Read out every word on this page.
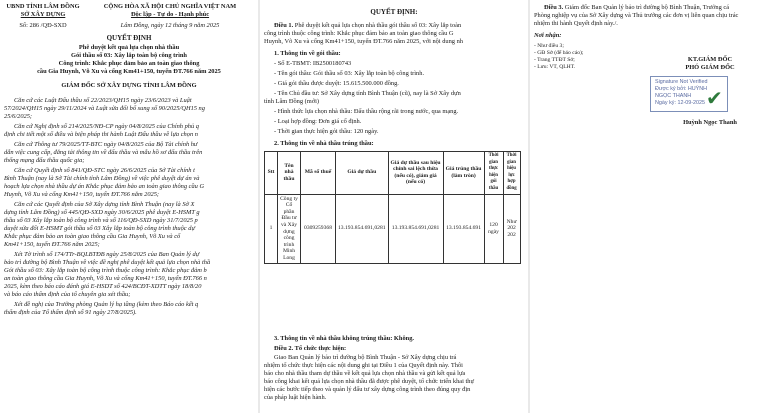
UBND TỈNH LÂM ĐỒNG
SỞ XÂY DỰNG
Số: 286 /QĐ-SXD
CỘNG HÒA XÃ HỘI CHỦ NGHĨA VIỆT NAM
Độc lập - Tự do - Hạnh phúc
Lâm Đồng, ngày 12 tháng 9 năm 2025
QUYẾT ĐỊNH
Phê duyệt kết quả lựa chọn nhà thầu
Gói thầu số 03: Xây lắp toàn bộ công trình
Công trình: Khắc phục đảm bảo an toàn giao thông
cầu Gia Huynh, Võ Xu và cống Km41+150, tuyến ĐT.766 năm 2025
GIÁM ĐỐC SỞ XÂY DỰNG TỈNH LÂM ĐỒNG
Căn cứ các Luật Đấu thầu số 22/2023/QH15 ngày 23/6/2023 và Luật
57/2024/QH15 ngày 29/11/2024 và Luật sửa đổi bổ sung số 90/2025/QH15 ng
25/6/2025;
Căn cứ Nghị định số 214/2025/NĐ-CP ngày 04/8/2025 của Chính phủ q
định chi tiết một số điều và biện pháp thi hành Luật Đấu thầu về lựa chọn n
Căn cứ Thông tư 79/2025/TT-BTC ngày 04/8/2025 của Bộ Tài chính hư
dẫn việc cung cấp, đăng tải thông tin về đấu thầu và mẫu hồ sơ đấu thầu trên
thống mạng đấu thầu quốc gia;
Căn cứ Quyết định số 841/QĐ-STC ngày 26/6/2025 của Sở Tài chính t
Bình Thuận (nay là Sở Tài chính tỉnh Lâm Đồng) về việc phê duyệt dự án và
hoạch lựa chọn nhà thầu dự án Khắc phục đảm bảo an toàn giao thông cầu G
Huynh, Võ Xu và cống Km41+150, tuyến ĐT.766 năm 2025;
Căn cứ các Quyết định của Sở Xây dựng tỉnh Bình Thuận (nay là Sở X
dựng tỉnh Lâm Đồng) số 445/QĐ-SXD ngày 30/6/2025 phê duyệt E-HSMT g
thầu số 03 Xây lắp toàn bộ công trình và số 116/QĐ-SXD ngày 31/7/2025 p
duyệt sửa đổi E-HSMT gói thầu số 03 Xây lắp toàn bộ công trình thuộc dự
Khắc phục đảm bảo an toàn giao thông cầu Gia Huynh, Võ Xu và cố
Km41+150, tuyến ĐT.766 năm 2025;
Xét Tờ trình số 174/TTr-BQLBTĐB ngày 25/8/2025 của Ban Quản lý dự
bảo trì đường bộ Bình Thuận về việc đề nghị phê duyệt kết quả lựa chọn nhà thầ
Gói thầu số 03: Xây lắp toàn bộ công trình thuộc công trình: Khắc phục đảm b
an toàn giao thông cầu Gia Huynh, Võ Xu và cống Km41+150, tuyến ĐT.766 n
2025, kèm theo báo cáo đánh giá E-HSDT số 424/BCĐT-XDTT ngày 18/8/20
và báo cáo thẩm định của tổ chuyên gia xét thầu;
Xét đề nghị của Trưởng phòng Quản lý hạ tầng (kèm theo Báo cáo kết q
thẩm định của Tổ thẩm định số 91 ngày 27/8/2025).
QUYẾT ĐỊNH:
Điều 1. Phê duyệt kết quả lựa chọn nhà thầu gói thầu số 03: Xây lắp toàn
công trình thuộc công trình: Khắc phục đảm bảo an toàn giao thông cầu G
Huynh, Võ Xu và cống Km41+150, tuyến ĐT.766 năm 2025, với nội dung nh
1. Thông tin về gói thầu:
- Số E-TBMT: IB2500180743
- Tên gói thầu: Gói thầu số 03: Xây lắp toàn bộ công trình.
- Giá gói thầu được duyệt: 15.615.500.000 đồng.
- Tên Chủ đầu tư: Sở Xây dựng tỉnh Bình Thuận (cũ), nay là Sở Xây dựn
tỉnh Lâm Đồng (mới)
- Hình thức lựa chọn nhà thầu: Đấu thầu rộng rãi trong nước, qua mạng.
- Loại hợp đồng: Đơn giá cố định.
- Thời gian thực hiện gói thầu: 120 ngày.
2. Thông tin về nhà thầu trúng thầu:
Stt	Tên nhà thầu	Mã số thuế	Giá dự thầu	Giá dự thầu sau hiệu chỉnh sai lệch thừa (nếu có), giảm giá (nếu có)	Giá trúng thầu (làm tròn)	Thời gian thực hiện gói thầu	Thời gian hiệu lực hợp đồng
1	Công ty Cổ phần Đầu tư và Xây dựng công trình Minh Long	0309259368	13.193.854.691,0281	13.193.854.691,0281	13.193.854.691	120 ngày	Như 202 202
3. Thông tin về nhà thầu không trúng thầu: Không.
Điều 2. Tổ chức thực hiện:
Giao Ban Quản lý bảo trì đường bộ Bình Thuận - Sở Xây dựng chịu trá
nhiệm tổ chức thực hiện các nội dung ghi tại Điều 1 của Quyết định này. Thôi
báo cho nhà thầu tham dự thầu về kết quả lựa chọn nhà thầu và gửi kết quả lựa
báo công khai kết quả lựa chọn nhà thầu đã được phê duyệt, tổ chức triển khai thự
hiện các bước tiếp theo và quản lý đấu tư xây dựng công trình theo đúng quy địn
của pháp luật hiện hành.
Điều 3. Giám đốc Ban Quản lý bảo trì đường bộ Bình Thuận, Trưởng cá
Phòng nghiệp vụ của Sở Xây dựng và Thủ trưởng các đơn vị liên quan chịu trác
nhiệm thi hành Quyết định này./.
Nơi nhận:
- Như điều 3;
- GĐ Sở (để báo cáo);
- Trang TTĐT Sở;
- Lưu: VT, QLHT.
KT.GIÁM ĐỐC
PHÓ GIÁM ĐỐC
Signature Not Verified
Được ký bởi: HUỲNH
NGỌC THANH
Ngày ký: 12-09-2025 ✔
Huỳnh Ngọc Thanh
